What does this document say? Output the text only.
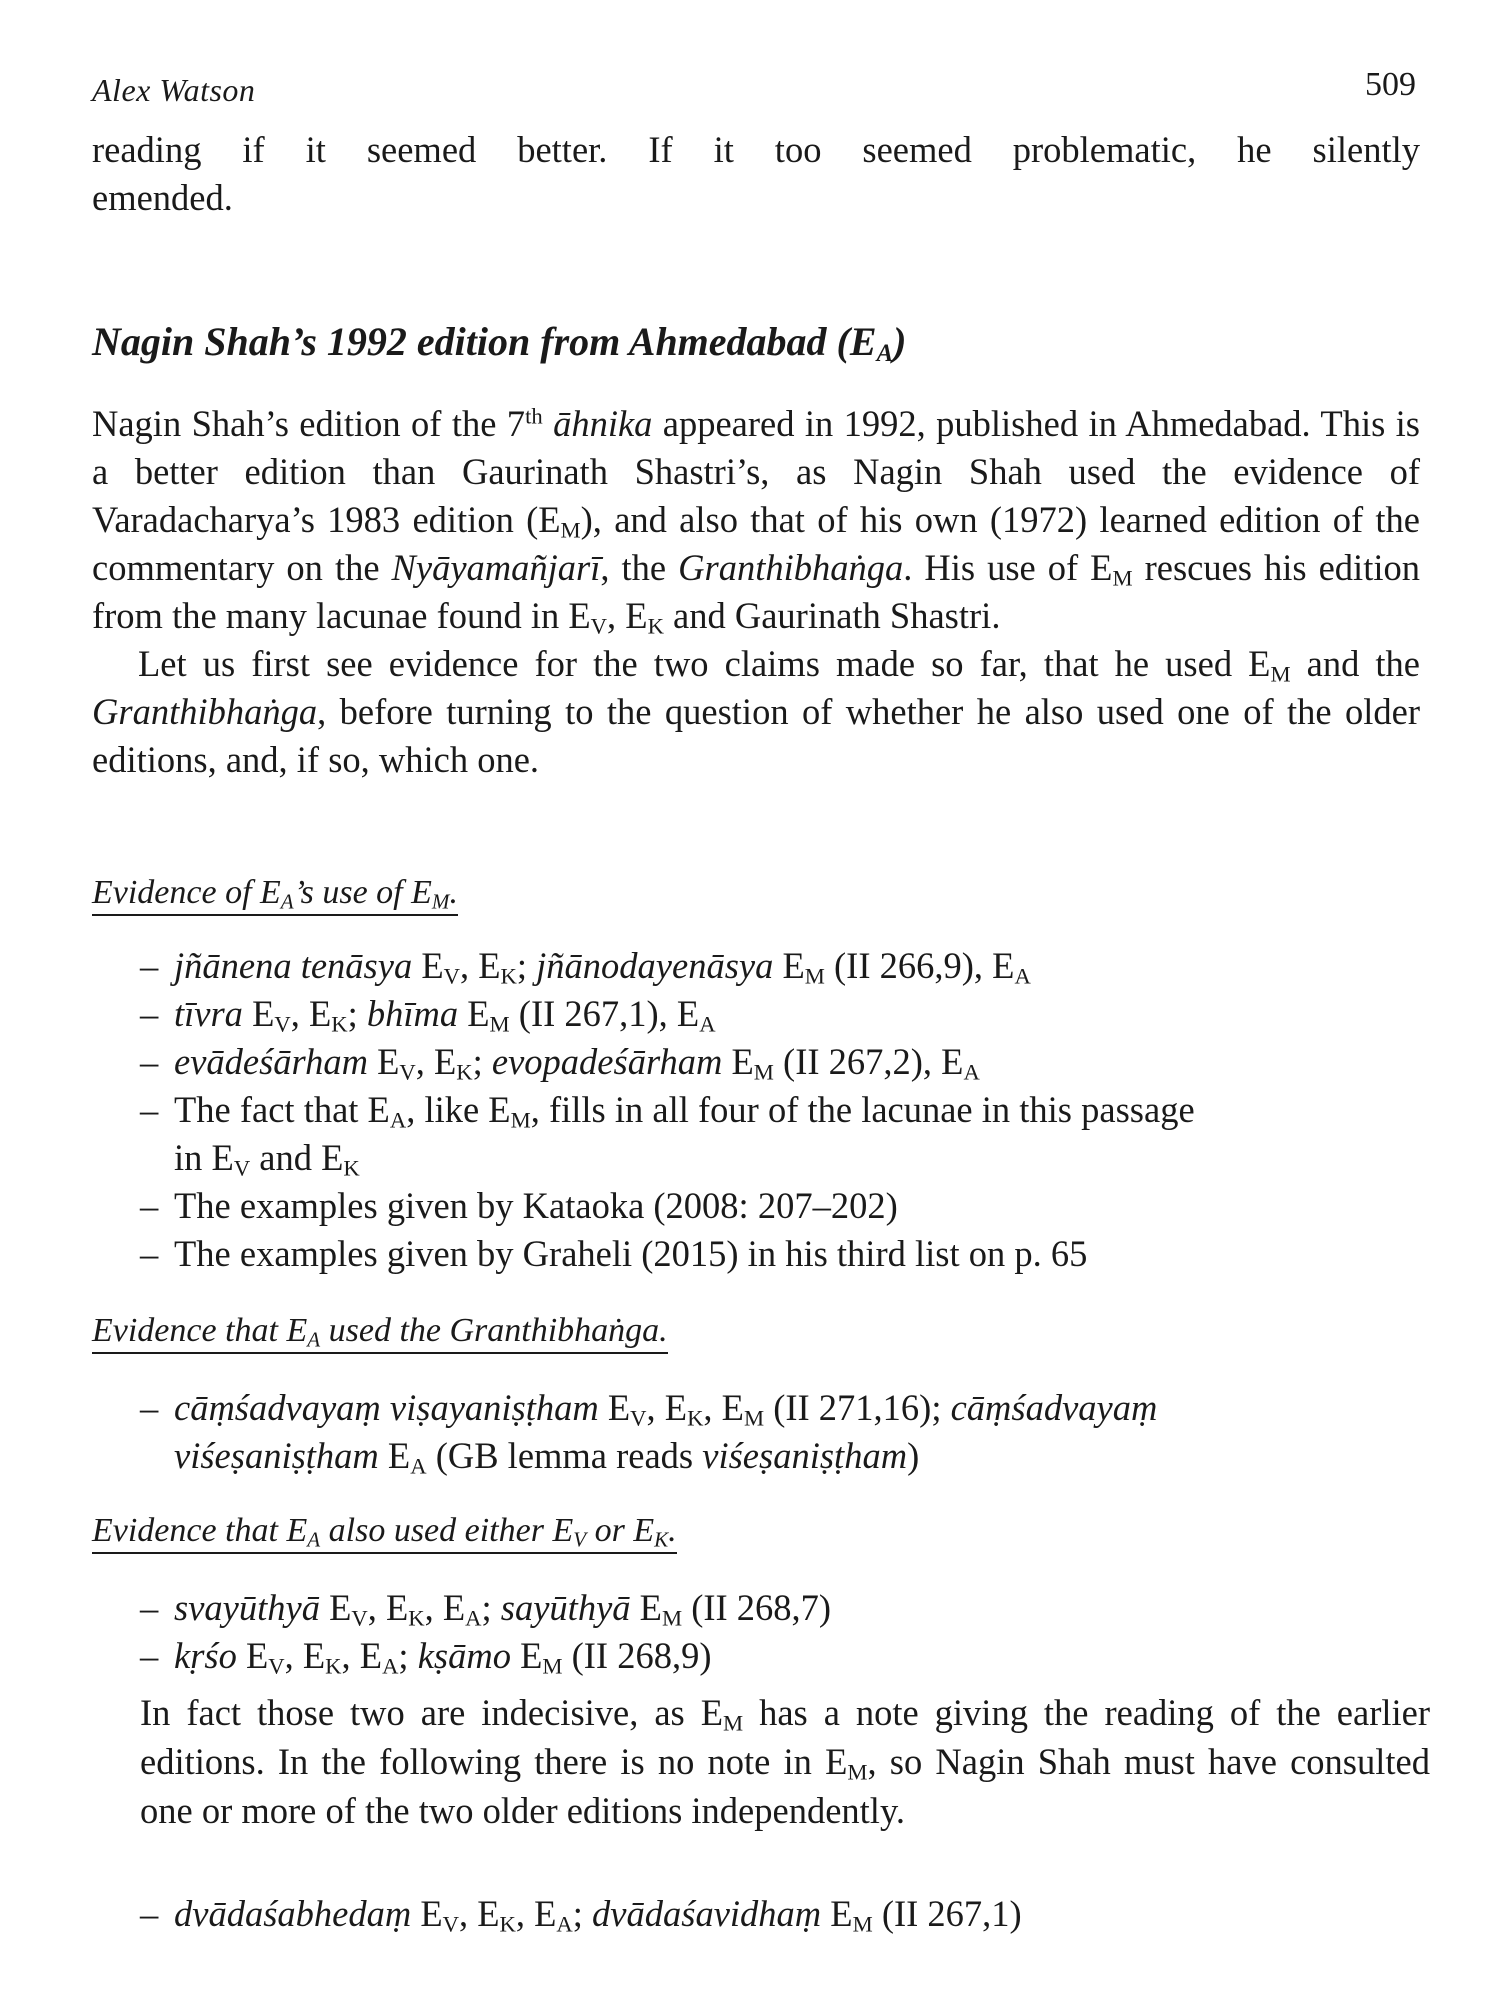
Alex Watson	509
reading if it seemed better. If it too seemed problematic, he silently
emended.
Nagin Shah’s 1992 edition from Ahmedabad $(E_A)$

Nagin Shah’s edition of the 7th āhnika appeared in 1992, published in Ahmedabad. This is a better edition than Gaurinath Shastri’s, as Nagin Shah used the evidence of Varadacharya’s 1983 edition $(E_M)$, and also that of his own (1972) learned edition of the commentary on the Nyāyamañjarī, the Granthibhaṅga. His use of $E_M$ rescues his edition from the many lacunae found in $E_V$, $E_K$ and Gaurinath Shastri.

Let us first see evidence for the two claims made so far, that he used $E_M$ and the Granthibhaṅga, before turning to the question of whether he also used one of the older editions, and, if so, which one.

Evidence of $E_A’s$ use of $E_M$.
– jñānena tenāsya $E_V$, $E_K$; jñānodayenāsya $E_M$ (II 266,9), $E_A$
– tīvra $E_V$, $E_K$; bhīma $E_M$ (II 267,1), $E_A$
– evādeśārham $E_V$, $E_K$; evopadeśārham $E_M$ (II 267,2), $E_A$
– The fact that $E_A$, like $E_M$, fills in all four of the lacunae in this passage
in $E_V$ and $E_K$
– The examples given by Kataoka (2008: 207–202)
– The examples given by Graheli (2015) in his third list on p. 65
Evidence that $E_A$ used the Granthibhaṅga.
– cāṃśadvayaṃ viṣayaniṣṭham $E_V$, $E_K$, $E_M$ (II 271,16); cāṃśadvayaṃ
viśeṣaniṣṭham $E_A$ (GB lemma reads viśeṣaniṣṭham)
Evidence that $E_A$ also used either $E_V$ or $E_K$.
– svayūthyā $E_V$, $E_K$, $E_A$; sayūthyā $E_M$ (II 268,7)
– kṛśo $E_V$, $E_K$, $E_A$; kṣāmo $E_M$ (II 268,9)

In fact those two are indecisive, as $E_M$ has a note giving the reading of the earlier editions. In the following there is no note in $E_M$, so Nagin Shah must have consulted one or more of the two older editions independently.

– dvādaśabhedaṃ $E_V$, $E_K$, $E_A$; dvādaśavidhaṃ $E_M$ (II 267,1)
